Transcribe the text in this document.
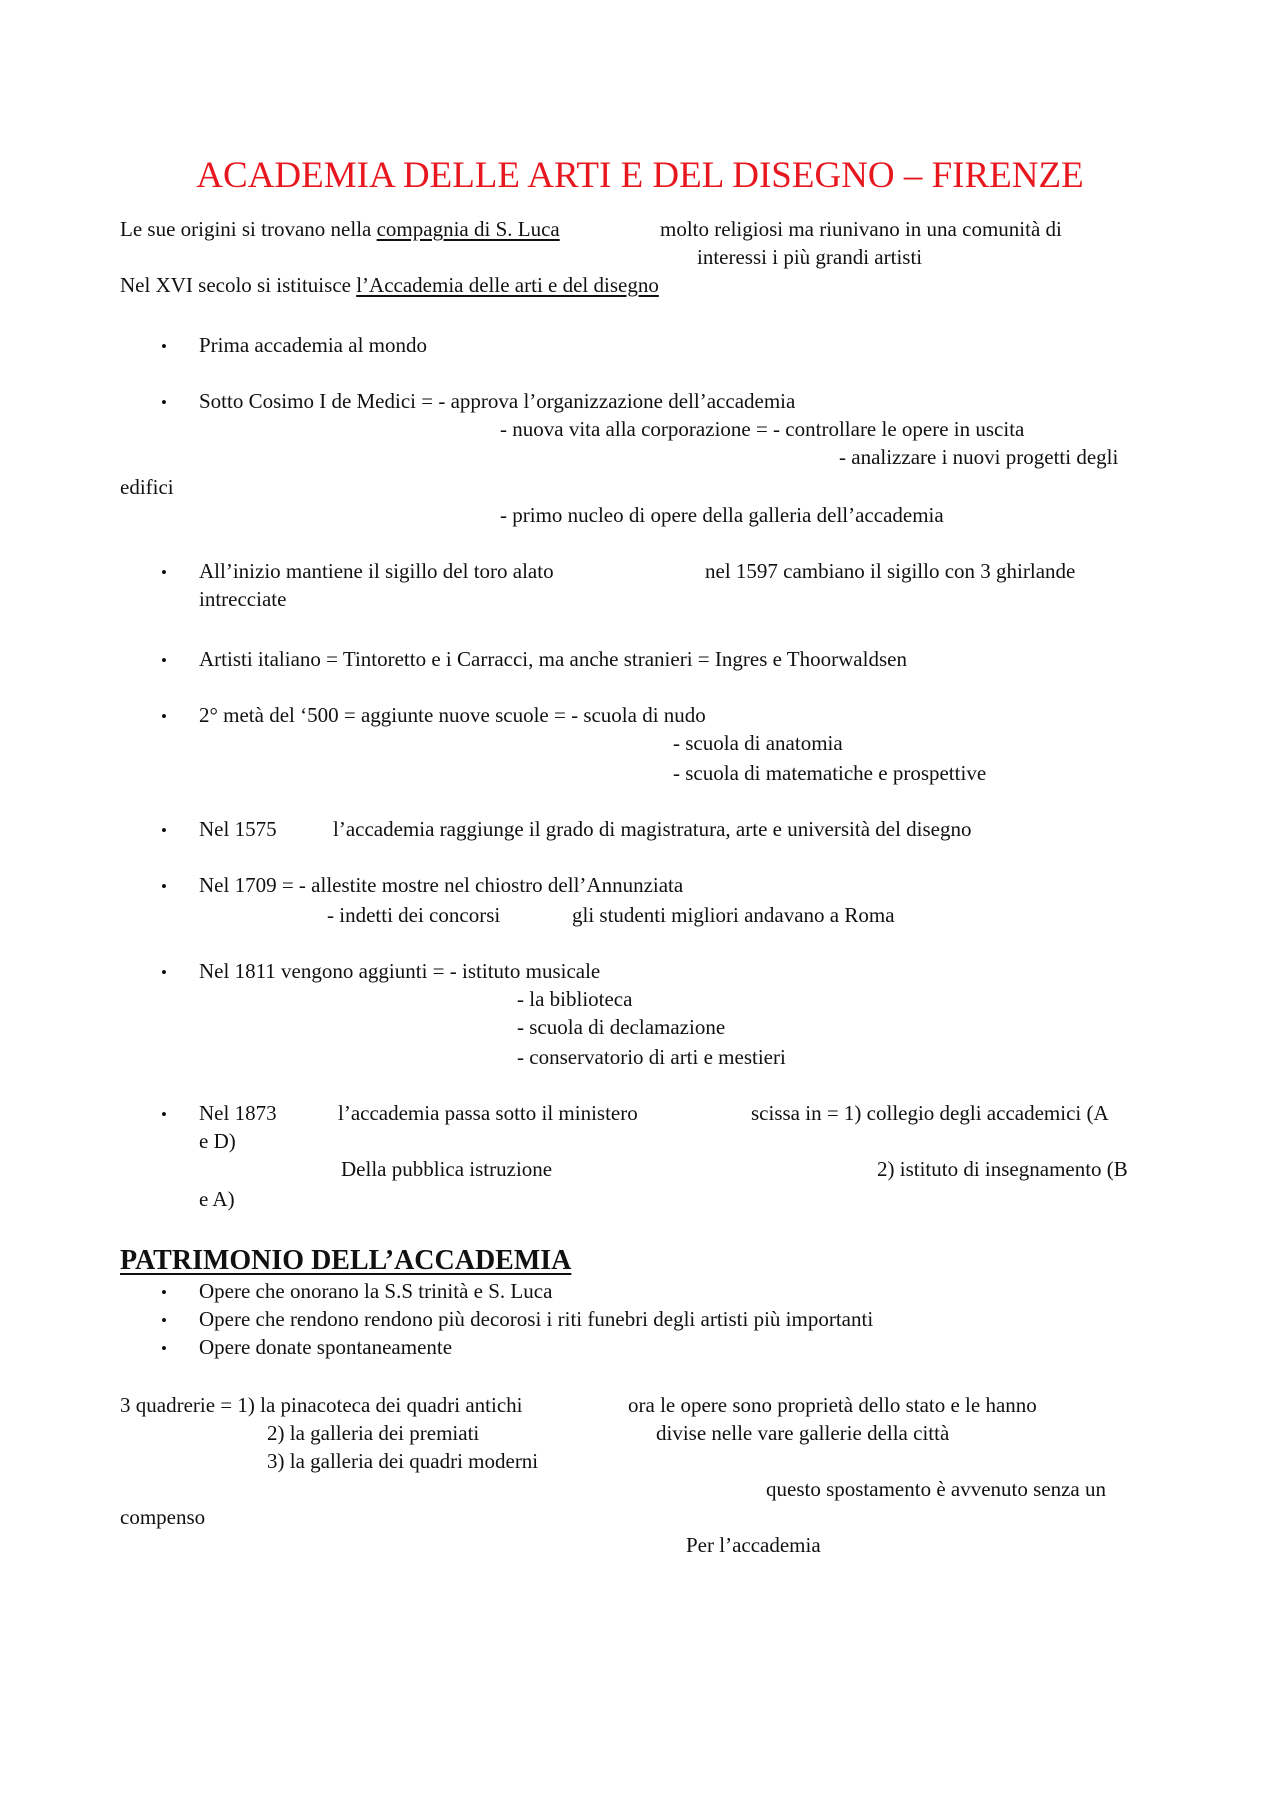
ACADEMIA DELLE ARTI E DEL DISEGNO – FIRENZE
Le sue origini si trovano nella compagnia di S. Luca	molto religiosi ma riunivano in una comunità di
interessi i più grandi artisti
Nel XVI secolo si istituisce l’Accademia delle arti e del disegno
• Prima accademia al mondo
• Sotto Cosimo I de Medici = - approva l’organizzazione dell’accademia
- nuova vita alla corporazione = - controllare le opere in uscita
- analizzare i nuovi progetti degli
edifici
- primo nucleo di opere della galleria dell’accademia
• All’inizio mantiene il sigillo del toro alato	nel 1597 cambiano il sigillo con 3 ghirlande
intrecciate
• Artisti italiano = Tintoretto e i Carracci, ma anche stranieri = Ingres e Thoorwaldsen
• 2° metà del ‘500 = aggiunte nuove scuole = - scuola di nudo
- scuola di anatomia
- scuola di matematiche e prospettive
• Nel 1575	l’accademia raggiunge il grado di magistratura, arte e università del disegno
• Nel 1709 = - allestite mostre nel chiostro dell’Annunziata
- indetti dei concorsi	gli studenti migliori andavano a Roma
• Nel 1811 vengono aggiunti = - istituto musicale
- la biblioteca
- scuola di declamazione
- conservatorio di arti e mestieri
• Nel 1873	l’accademia passa sotto il ministero	scissa in = 1) collegio degli accademici (A
e D)
Della pubblica istruzione	2) istituto di insegnamento (B
e A)
PATRIMONIO DELL’ACCADEMIA
• Opere che onorano la S.S trinità e S. Luca
• Opere che rendono rendono più decorosi i riti funebri degli artisti più importanti
• Opere donate spontaneamente
3 quadrerie = 1) la pinacoteca dei quadri antichi
2) la galleria dei premiati
3) la galleria dei quadri moderni
ora le opere sono proprietà dello stato e le hanno
divise nelle vare gallerie della città
questo spostamento è avvenuto senza un
compenso
Per l’accademia
